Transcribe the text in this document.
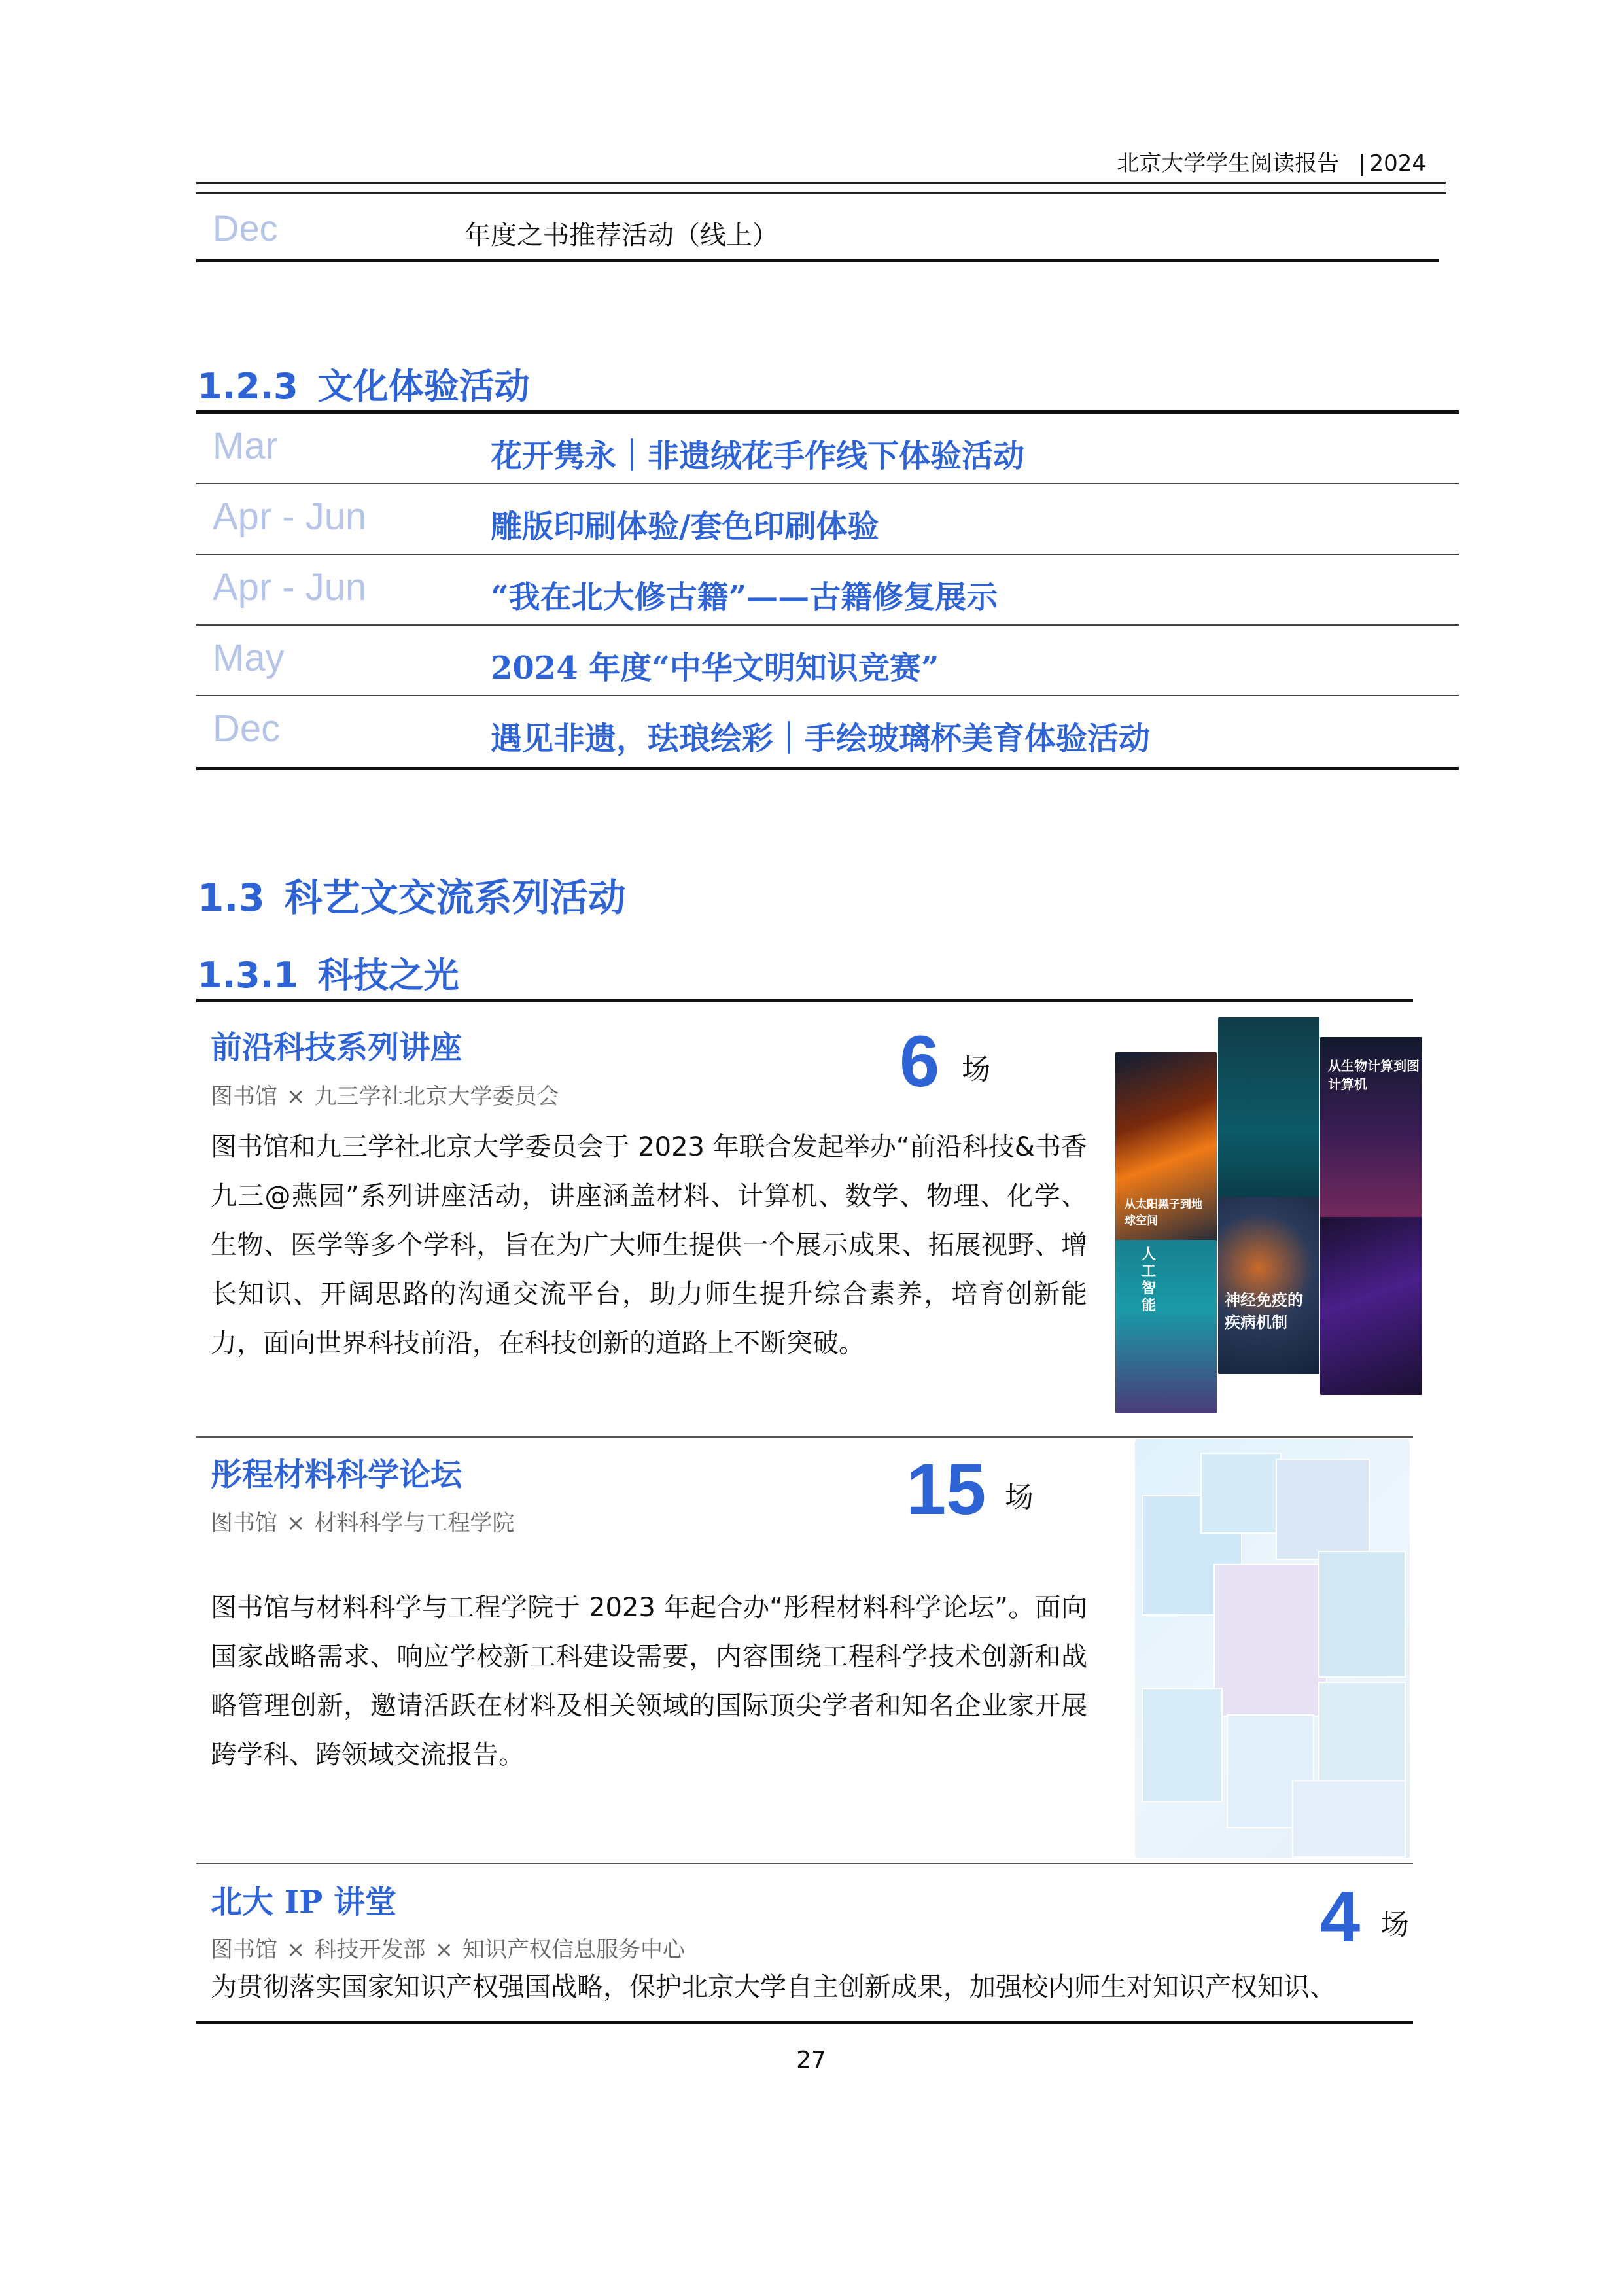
北京大学学生阅读报告 | 2024
Dec	年度之书推荐活动（线上）
1.2.3 文化体验活动
Mar	花开隽永｜非遗绒花手作线下体验活动
Apr - Jun	雕版印刷体验/套色印刷体验
Apr - Jun	“我在北大修古籍”——古籍修复展示
May	2024 年度“中华文明知识竞赛”
Dec	遇见非遗，珐琅绘彩｜手绘玻璃杯美育体验活动
1.3 科艺文交流系列活动
1.3.1 科技之光
前沿科技系列讲座
图书馆 × 九三学社北京大学委员会	6 场
图书馆和九三学社北京大学委员会于 2023 年联合发起举办“前沿科技&书香九三@燕园”系列讲座活动，讲座涵盖材料、计算机、数学、物理、化学、生物、医学等多个学科，旨在为广大师生提供一个展示成果、拓展视野、增长知识、开阔思路的沟通交流平台，助力师生提升综合素养，培育创新能力，面向世界科技前沿，在科技创新的道路上不断突破。
从太阳黑子到地球空间
从生物计算到图计算机
人工智能	神经免疫的疾病机制
彤程材料科学论坛
图书馆 × 材料科学与工程学院	15 场
图书馆与材料科学与工程学院于 2023 年起合办“彤程材料科学论坛”。面向国家战略需求、响应学校新工科建设需要，内容围绕工程科学技术创新和战略管理创新，邀请活跃在材料及相关领域的国际顶尖学者和知名企业家开展跨学科、跨领域交流报告。
北大 IP 讲堂
图书馆 × 科技开发部 × 知识产权信息服务中心	4 场
为贯彻落实国家知识产权强国战略，保护北京大学自主创新成果，加强校内师生对知识产权知识、
27
